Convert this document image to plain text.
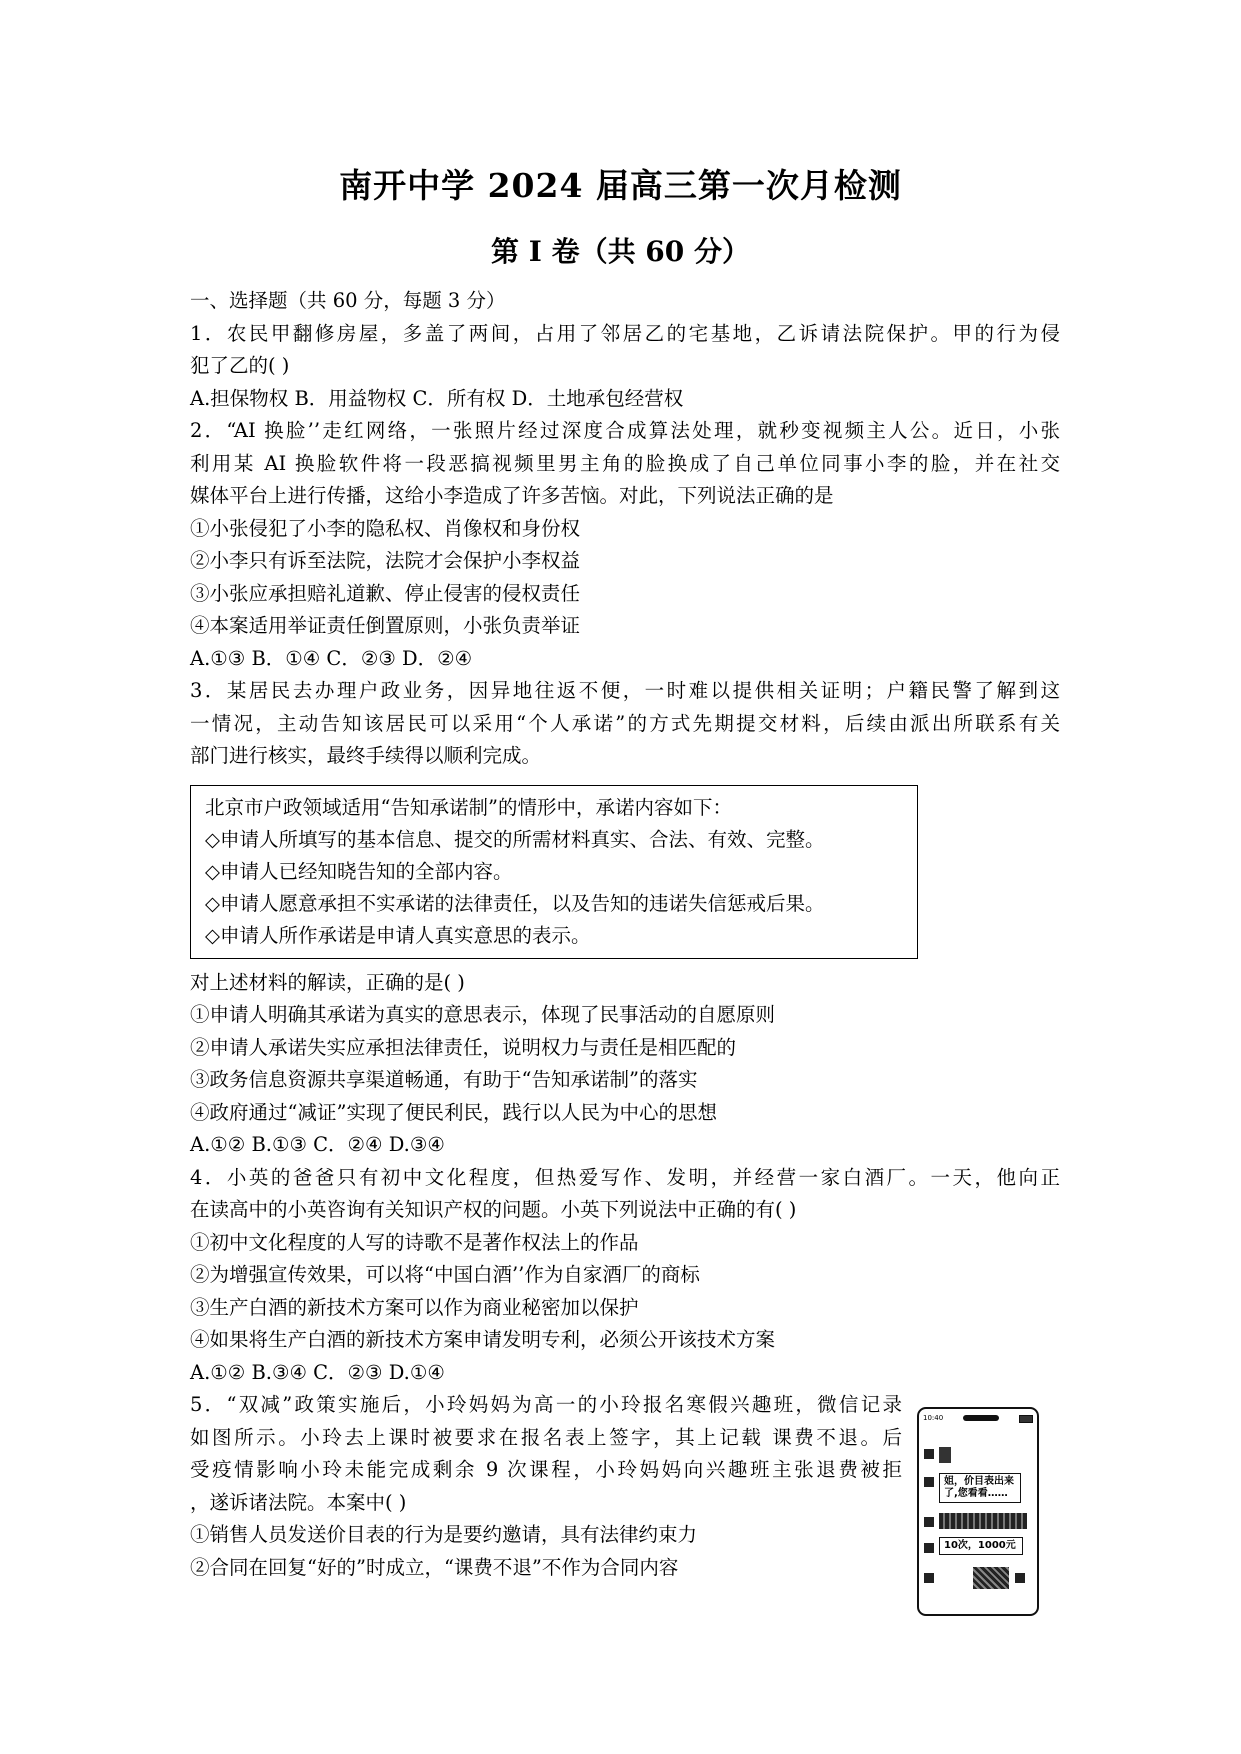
南开中学 2024 届高三第一次月检测
第 I 卷（共 60 分）
一、选择题（共 60 分，每题 3 分）
1．农民甲翻修房屋，多盖了两间，占用了邻居乙的宅基地，乙诉请法院保护。甲的行为侵
犯了乙的( )
A.担保物权 B．用益物权 C．所有权 D．土地承包经营权
2．“AI 换脸’’走红网络，一张照片经过深度合成算法处理，就秒变视频主人公。近日，小张
利用某 AI 换脸软件将一段恶搞视频里男主角的脸换成了自己单位同事小李的脸，并在社交
媒体平台上进行传播，这给小李造成了许多苦恼。对此，下列说法正确的是
①小张侵犯了小李的隐私权、肖像权和身份权
②小李只有诉至法院，法院才会保护小李权益
③小张应承担赔礼道歉、停止侵害的侵权责任
④本案适用举证责任倒置原则，小张负责举证
A.①③ B．①④ C．②③ D．②④
3．某居民去办理户政业务，因异地往返不便，一时难以提供相关证明；户籍民警了解到这
一情况，主动告知该居民可以采用“个人承诺”的方式先期提交材料，后续由派出所联系有关
部门进行核实，最终手续得以顺利完成。
北京市户政领域适用“告知承诺制”的情形中，承诺内容如下：
◇申请人所填写的基本信息、提交的所需材料真实、合法、有效、完整。
◇申请人已经知晓告知的全部内容。
◇申请人愿意承担不实承诺的法律责任，以及告知的违诺失信惩戒后果。
◇申请人所作承诺是申请人真实意思的表示。
对上述材料的解读，正确的是( )
①申请人明确其承诺为真实的意思表示，体现了民事活动的自愿原则
②申请人承诺失实应承担法律责任，说明权力与责任是相匹配的
③政务信息资源共享渠道畅通，有助于“告知承诺制”的落实
④政府通过“减证”实现了便民利民，践行以人民为中心的思想
A.①② B.①③ C．②④ D.③④
4．小英的爸爸只有初中文化程度，但热爱写作、发明，并经营一家白酒厂。一天，他向正
在读高中的小英咨询有关知识产权的问题。小英下列说法中正确的有( )
①初中文化程度的人写的诗歌不是著作权法上的作品
②为增强宣传效果，可以将“中国白酒’’作为自家酒厂的商标
③生产白酒的新技术方案可以作为商业秘密加以保护
④如果将生产白酒的新技术方案申请发明专利，必须公开该技术方案
A.①② B.③④ C．②③ D.①④
5．“双减”政策实施后，小玲妈妈为高一的小玲报名寒假兴趣班，微信记录
如图所示。小玲去上课时被要求在报名表上签字，其上记载 课费不退。后
受疫情影响小玲未能完成剩余 9 次课程，小玲妈妈向兴趣班主张退费被拒
，遂诉诸法院。本案中( )
①销售人员发送价目表的行为是要约邀请，具有法律约束力
②合同在回复“好的”时成立，“课费不退”不作为合同内容
10:40
姐，价目表出来了,您看看……
10次，1000元
